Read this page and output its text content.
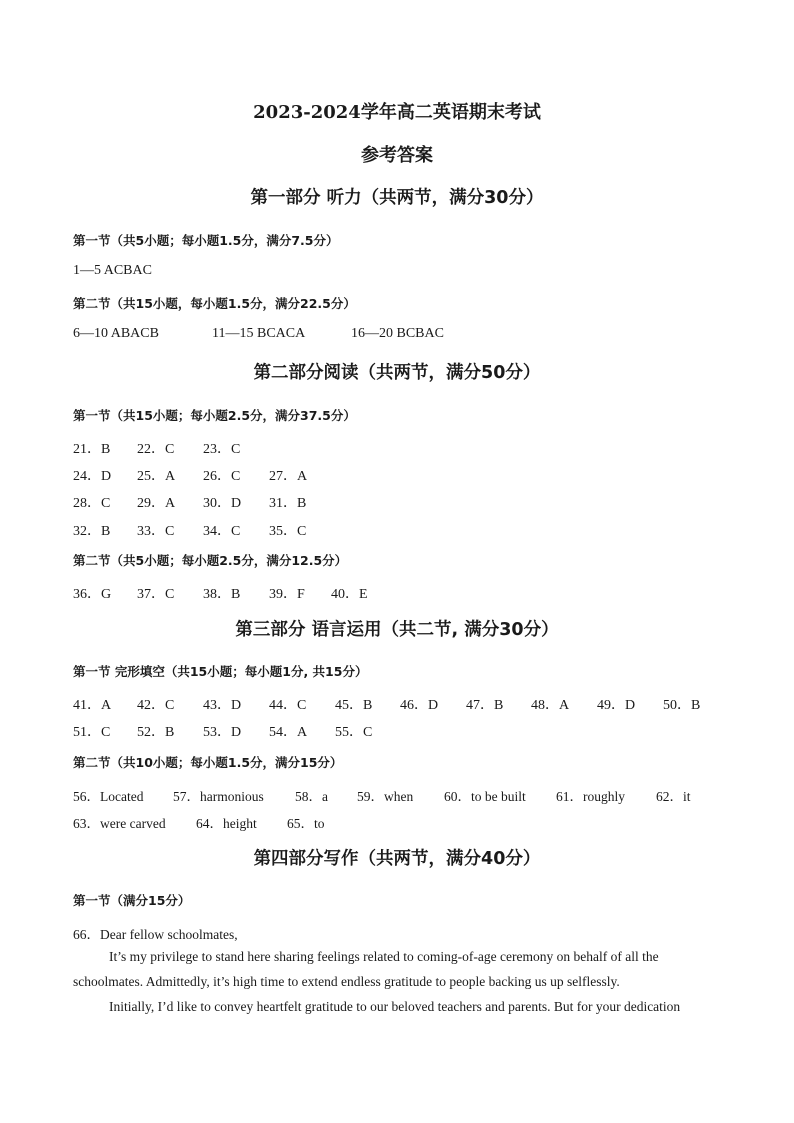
2023-2024学年高二英语期末考试
参考答案
第一部分 听力（共两节，满分30分）
第一节（共5小题；每小题1.5分，满分7.5分）
1—5 ACBAC
第二节（共15小题，每小题1.5分，满分22.5分）
6—10 ABACB	11—15 BCACA	16—20 BCBAC
第二部分阅读（共两节，满分50分）
第一节（共15小题；每小题2.5分，满分37.5分）
21．B 22．C 23．C
24．D 25．A 26．C 27．A
28．C 29．A 30．D 31．B
32．B 33．C 34．C 35．C
第二节（共5小题；每小题2.5分，满分12.5分）
36．G 37．C 38．B 39．F 40．E
第三部分 语言运用（共二节, 满分30分）
第一节 完形填空（共15小题；每小题1分, 共15分）
41．A 42．C 43．D 44．C 45．B 46．D 47．B 48．A 49．D 50．B
51．C 52．B 53．D 54．A 55．C
第二节（共10小题；每小题1.5分，满分15分）
56．Located 57．harmonious 58．a 59．when 60．to be built 61．roughly 62．it
63．were carved 64．height 65．to
第四部分写作（共两节，满分40分）
第一节（满分15分）
66．Dear fellow schoolmates,
It’s my privilege to stand here sharing feelings related to coming-of-age ceremony on behalf of all the
schoolmates. Admittedly, it’s high time to extend endless gratitude to people backing us up selflessly.
Initially, I’d like to convey heartfelt gratitude to our beloved teachers and parents. But for your dedication
